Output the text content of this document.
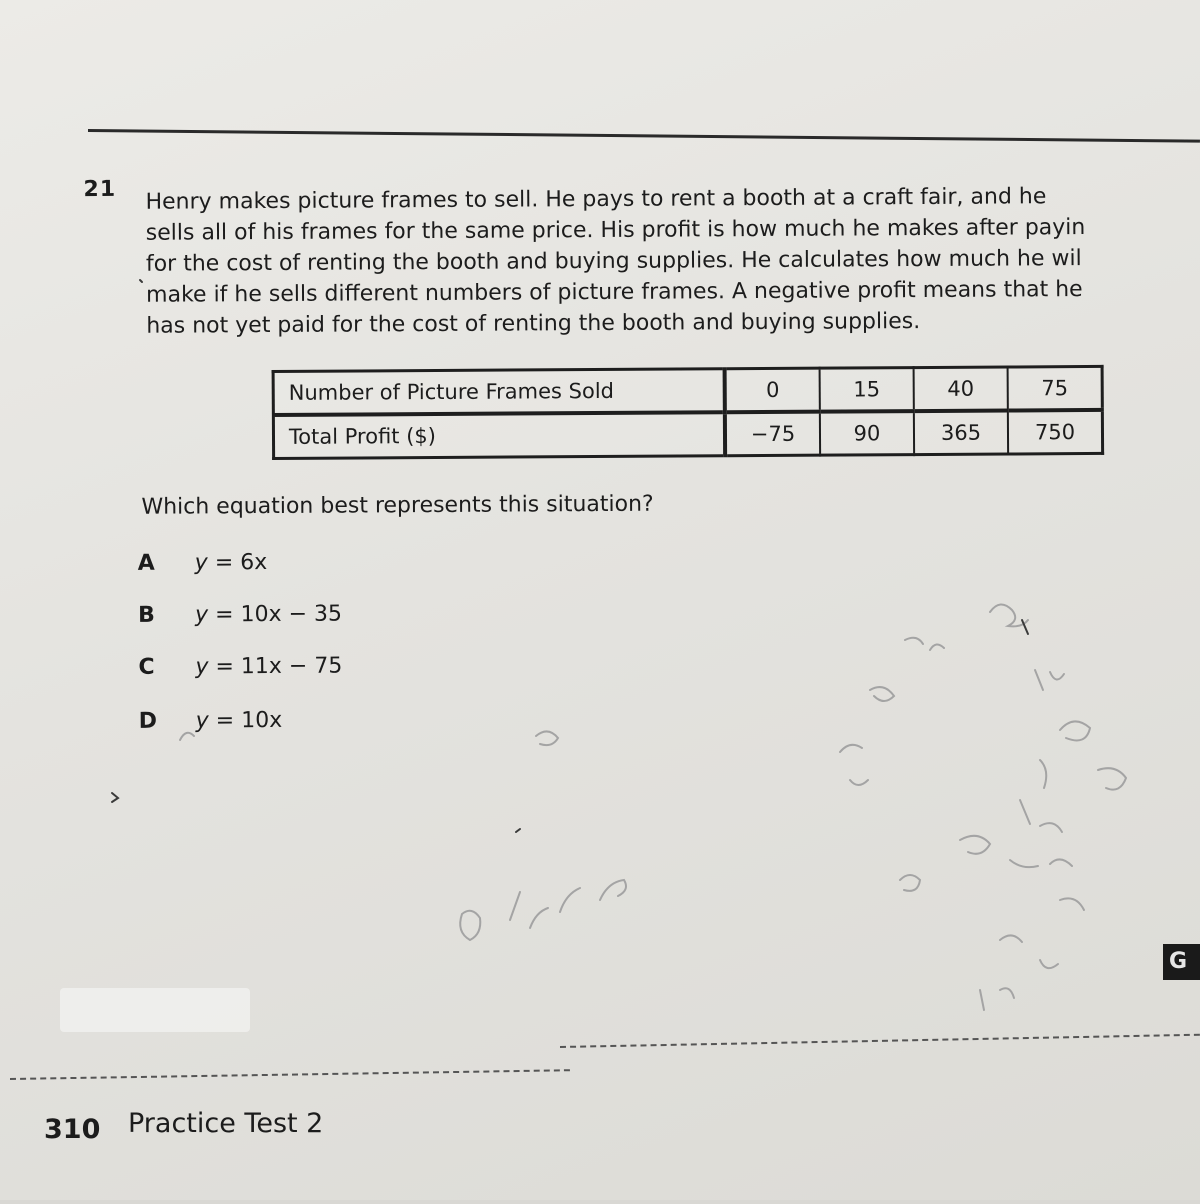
21 Henry makes picture frames to sell. He pays to rent a booth at a craft fair, and he
sells all of his frames for the same price. His profit is how much he makes after payin
for the cost of renting the booth and buying supplies. He calculates how much he wil
make if he sells different numbers of picture frames. A negative profit means that he
has not yet paid for the cost of renting the booth and buying supplies.
Number of Picture Frames Sold	0	15	40	75
Total Profit ($)	−75	90	365	750
Which equation best represents this situation?
A y = 6x
B y = 10x − 35
C y = 11x − 75
D y = 10x
G
310 Practice Test 2
